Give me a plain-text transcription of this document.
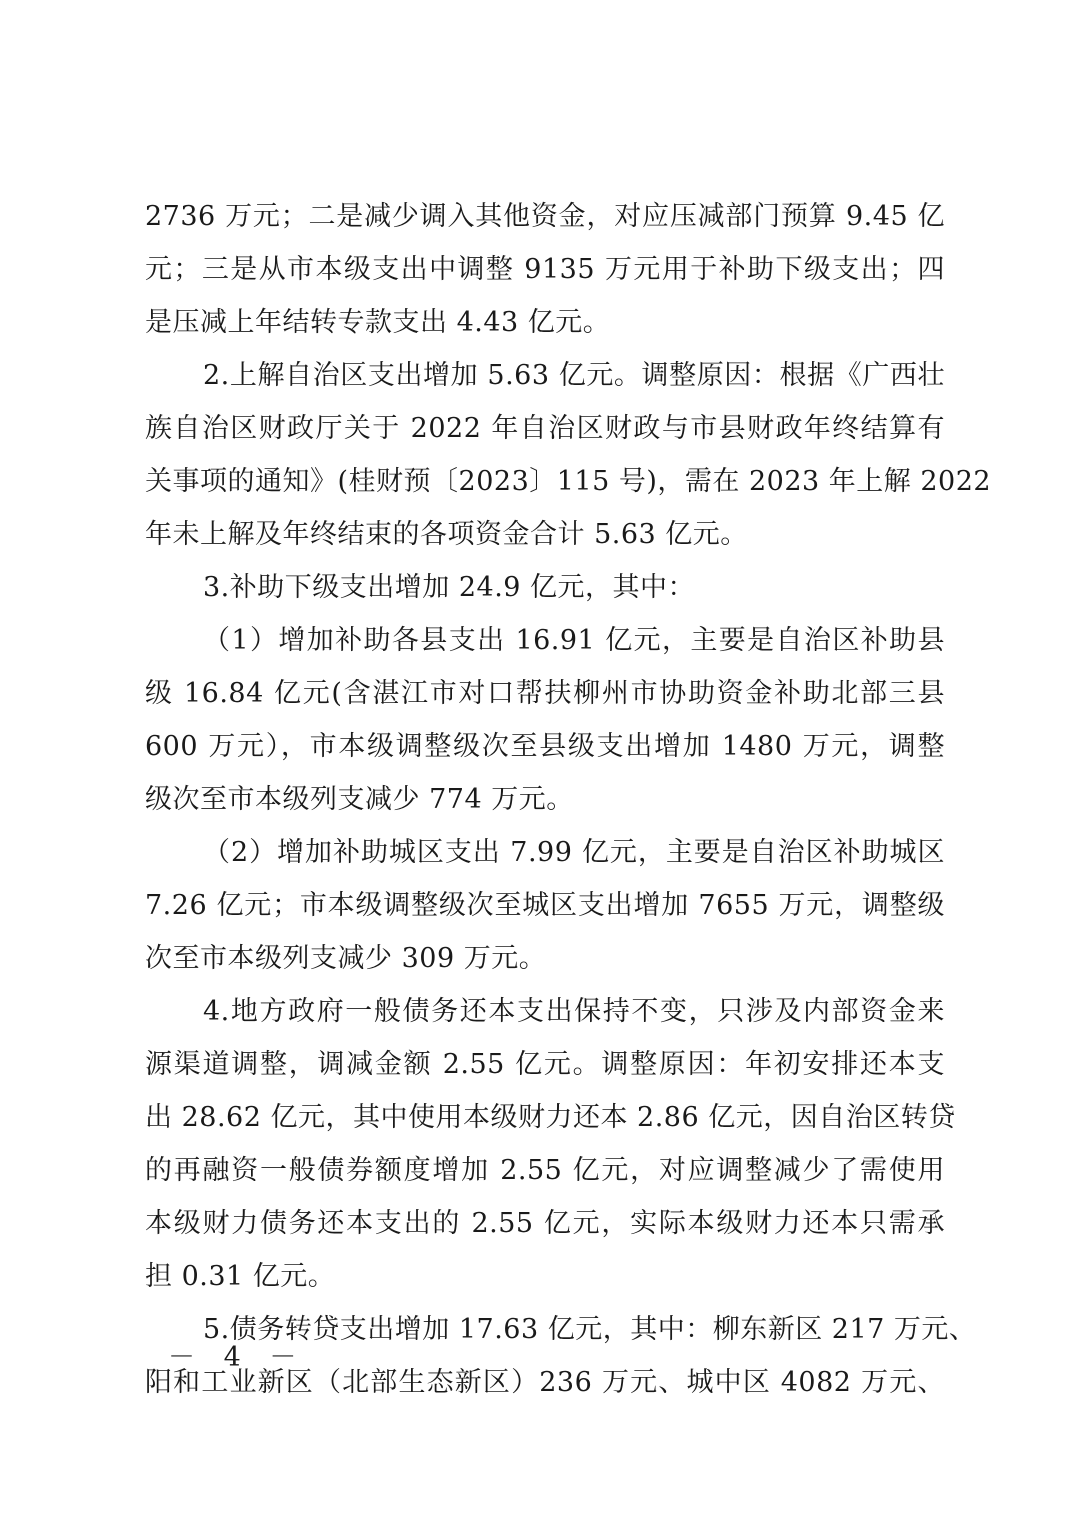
2736 万元；二是减少调入其他资金，对应压减部门预算 9.45 亿
元；三是从市本级支出中调整 9135 万元用于补助下级支出；四
是压减上年结转专款支出 4.43 亿元。
2.上解自治区支出增加 5.63 亿元。调整原因：根据《广西壮
族自治区财政厅关于 2022 年自治区财政与市县财政年终结算有
关事项的通知》(桂财预〔2023〕115 号)，需在 2023 年上解 2022
年未上解及年终结束的各项资金合计 5.63 亿元。
3.补助下级支出增加 24.9 亿元，其中：
（1）增加补助各县支出 16.91 亿元，主要是自治区补助县
级 16.84 亿元(含湛江市对口帮扶柳州市协助资金补助北部三县
600 万元），市本级调整级次至县级支出增加 1480 万元，调整
级次至市本级列支减少 774 万元。
（2）增加补助城区支出 7.99 亿元，主要是自治区补助城区
7.26 亿元；市本级调整级次至城区支出增加 7655 万元，调整级
次至市本级列支减少 309 万元。
4.地方政府一般债务还本支出保持不变，只涉及内部资金来
源渠道调整，调减金额 2.55 亿元。调整原因：年初安排还本支
出 28.62 亿元，其中使用本级财力还本 2.86 亿元，因自治区转贷
的再融资一般债券额度增加 2.55 亿元，对应调整减少了需使用
本级财力债务还本支出的 2.55 亿元，实际本级财力还本只需承
担 0.31 亿元。
5.债务转贷支出增加 17.63 亿元，其中：柳东新区 217 万元、
阳和工业新区（北部生态新区）236 万元、城中区 4082 万元、
－ 4 －
